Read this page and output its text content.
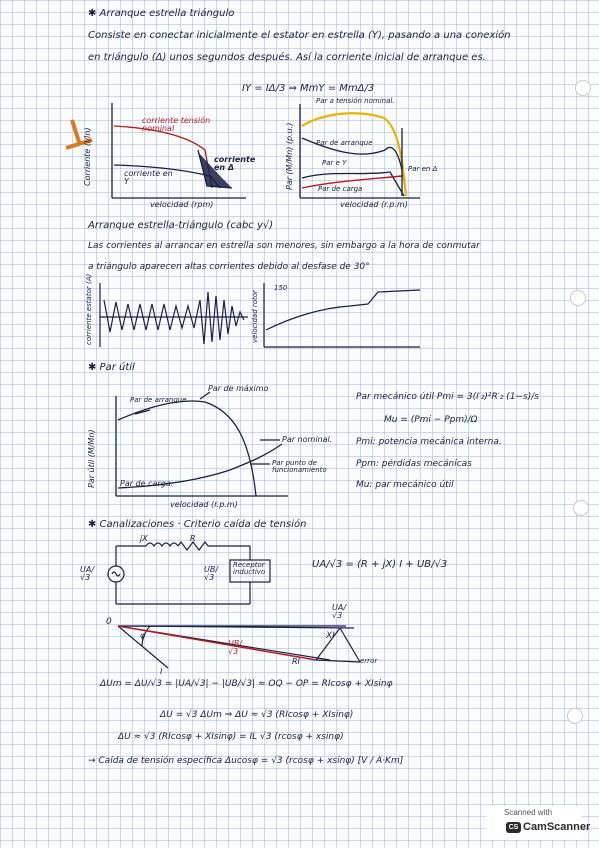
✱ Arranque estrella triángulo
Consiste en conectar inicialmente el estator en estrella (Y), pasando a una conexión
en triángulo (Δ) unos segundos después. Así la corriente inicial de arranque es.
IY = IΔ/3 ⇒ MmY = MmΔ/3
Corriente (I/In)
corriente tensión nominal
corriente en Y
corriente en Δ
velocidad (rpm)
Par (M/Mn) (p.u.)
Par a tensión nominal.
Par de arranque
Par e Y
Par en Δ
Par de carga
velocidad (r.p.m)
Arranque estrella-triángulo (cabc y√)
Las corrientes al arrancar en estrella son menores, sin embargo a la hora de conmutar
a triángulo aparecen altas corrientes debido al desfase de 30°
corriente estator (A)	velocidad rotor
150
✱ Par útil
Par útil (M/Mn)
Par de máximo
Par de arranque.
Par nominal.
Par punto de funcionamiento
Par de carga.
velocidad (r.p.m)
Par mecánico útil Pmi = 3(I′₂)²R′₂ (1−s)/s
Mu = (Pmi − Ppm)/Ω
Pmi: potencia mecánica interna.
Ppm: pérdidas mecánicas
Mu: par mecánico útil
✱ Canalizaciones · Criterio caída de tensión
UA/√3
jX	R
UB/√3
Receptor inductivo
UA/√3 = (R + jX) I + UB/√3
0
UA/√3
XI
RI
I
φ
error
UB/√3
ΔUm = ΔU/√3 = |UA/√3| − |UB/√3| ≈ OQ − OP = RIcosφ + XIsinφ
ΔU = √3 ΔUm ⇒ ΔU ≈ √3 (RIcosφ + XIsinφ)
ΔU ≈ √3 (RIcosφ + XIsinφ) = IL √3 (rcosφ + xsinφ)
→ Caída de tensión específica Δucosφ = √3 (rcosφ + xsinφ) [V / A·Km]
Scanned with
CS CamScanner
